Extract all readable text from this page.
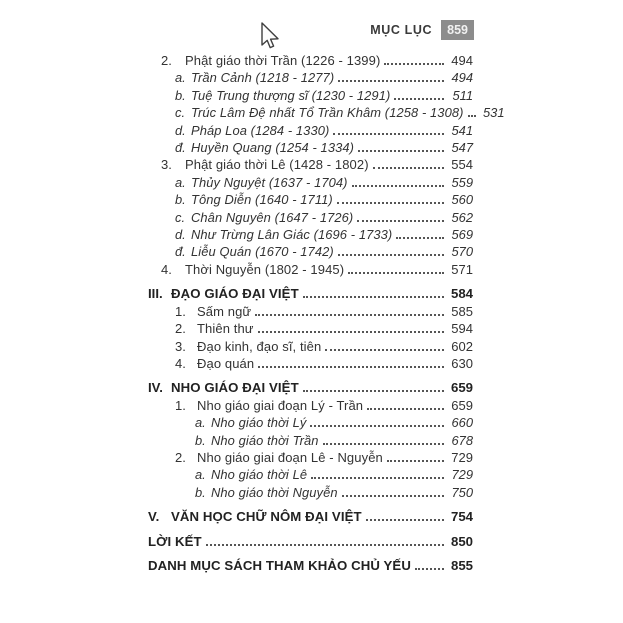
MỤC LỤC	859
2.	Phật giáo thời Trần (1226 - 1399)	494
a. Trần Cảnh (1218 - 1277)	494
b. Tuệ Trung thượng sĩ (1230 - 1291)	511
c. Trúc Lâm Đệ nhất Tổ Trần Khâm (1258 - 1308)	531
d. Pháp Loa (1284 - 1330)	541
đ. Huyền Quang (1254 - 1334)	547
3.	Phật giáo thời Lê (1428 - 1802)	554
a. Thủy Nguyệt (1637 - 1704)	559
b. Tông Diễn (1640 - 1711)	560
c. Chân Nguyên (1647 - 1726)	562
d. Như Trừng Lân Giác (1696 - 1733)	569
đ. Liễu Quán (1670 - 1742)	570
4.	Thời Nguyễn (1802 - 1945)	571
III. ĐẠO GIÁO ĐẠI VIỆT	584
1. Sấm ngữ	585
2. Thiên thư	594
3. Đạo kinh, đạo sĩ, tiên	602
4. Đạo quán	630
IV. NHO GIÁO ĐẠI VIỆT	659
1. Nho giáo giai đoạn Lý - Trần	659
a. Nho giáo thời Lý	660
b. Nho giáo thời Trần	678
2. Nho giáo giai đoạn Lê - Nguyễn	729
a. Nho giáo thời Lê	729
b. Nho giáo thời Nguyễn	750
V. VĂN HỌC CHỮ NÔM ĐẠI VIỆT	754
LỜI KẾT	850
DANH MỤC SÁCH THAM KHẢO CHỦ YẾU	855
